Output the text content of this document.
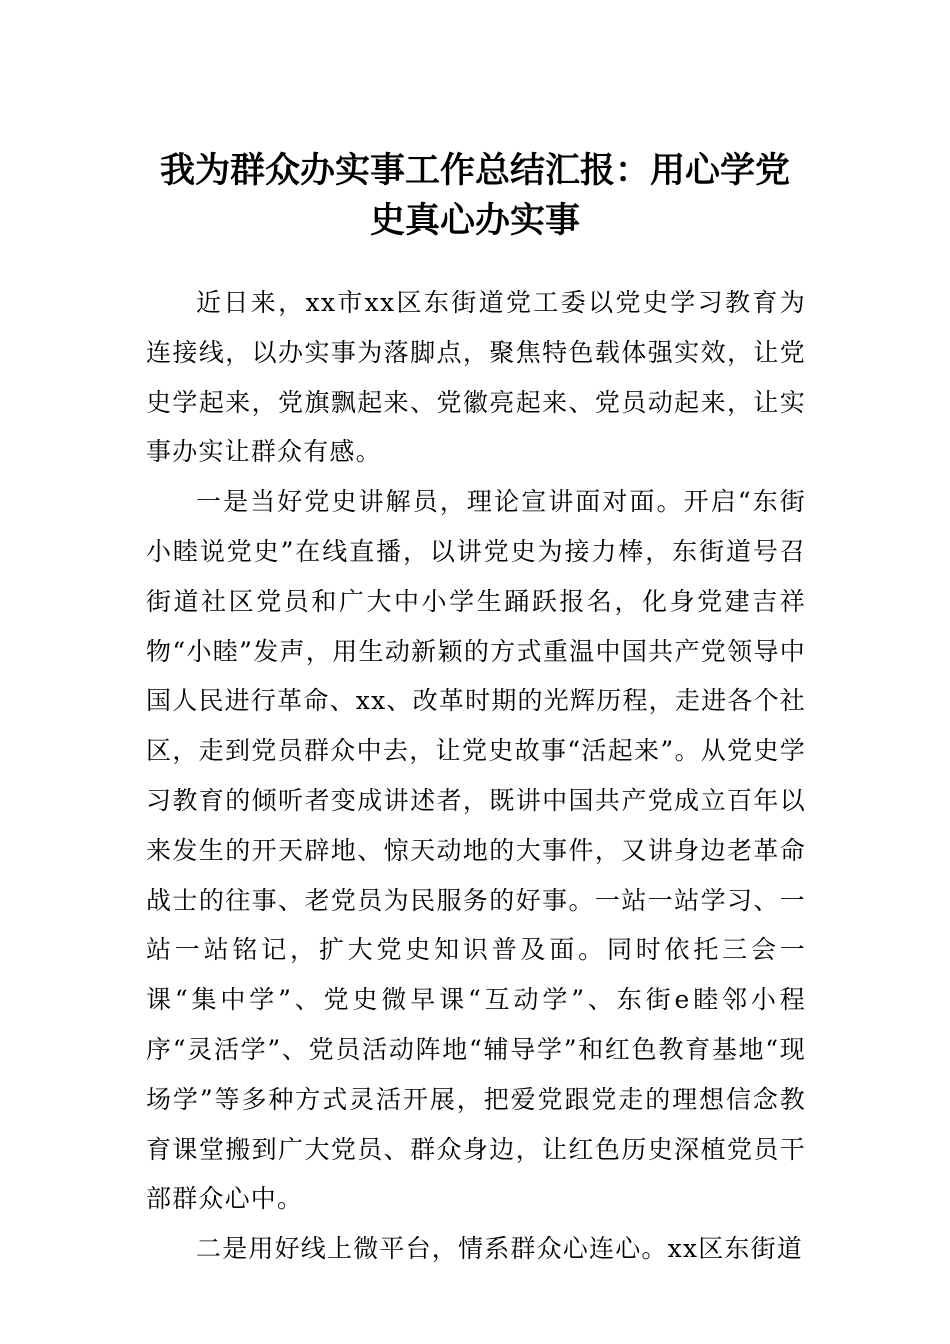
我为群众办实事工作总结汇报：用心学党
史真心办实事

近日来，xx市xx区东街道党工委以党史学习教育为连接线，以办实事为落脚点，聚焦特色载体强实效，让党史学起来，党旗飘起来、党徽亮起来、党员动起来，让实事办实让群众有感。

一是当好党史讲解员，理论宣讲面对面。开启“东街小睦说党史”在线直播，以讲党史为接力棒，东街道号召街道社区党员和广大中小学生踊跃报名，化身党建吉祥物“小睦”发声，用生动新颖的方式重温中国共产党领导中国人民进行革命、xx、改革时期的光辉历程，走进各个社区，走到党员群众中去，让党史故事“活起来”。从党史学习教育的倾听者变成讲述者，既讲中国共产党成立百年以来发生的开天辟地、惊天动地的大事件，又讲身边老革命战士的往事、老党员为民服务的好事。一站一站学习、一站一站铭记，扩大党史知识普及面。同时依托三会一课“集中学”、党史微早课“互动学”、东街e睦邻小程序“灵活学”、党员活动阵地“辅导学”和红色教育基地“现场学”等多种方式灵活开展，把爱党跟党走的理想信念教育课堂搬到广大党员、群众身边，让红色历史深植党员干部群众心中。

二是用好线上微平台，情系群众心连心。xx区东街道
